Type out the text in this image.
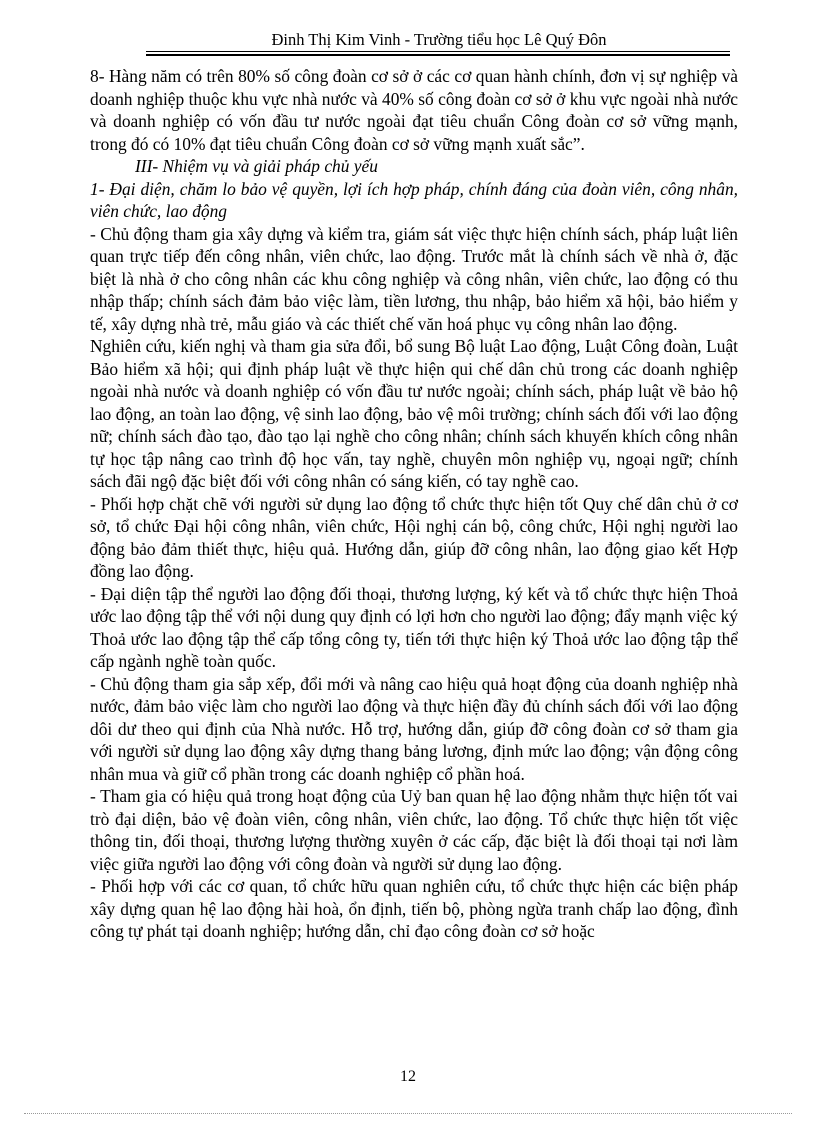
Đinh Thị Kim Vinh - Trường tiểu học Lê Quý Đôn

8- Hàng năm có trên 80% số công đoàn cơ sở ở các cơ quan hành chính, đơn vị sự nghiệp và doanh nghiệp thuộc khu vực nhà nước và 40% số công đoàn cơ sở ở khu vực ngoài nhà nước và doanh nghiệp có vốn đầu tư nước ngoài đạt tiêu chuẩn Công đoàn cơ sở vững mạnh, trong đó có 10% đạt tiêu chuẩn Công đoàn cơ sở vững mạnh xuất sắc”.

III- Nhiệm vụ và giải pháp chủ yếu

1- Đại diện, chăm lo bảo vệ quyền, lợi ích hợp pháp, chính đáng của đoàn viên, công nhân, viên chức, lao động

- Chủ động tham gia xây dựng và kiểm tra, giám sát việc thực hiện chính sách, pháp luật liên quan trực tiếp đến công nhân, viên chức, lao động. Trước mắt là chính sách về nhà ở, đặc biệt là nhà ở cho công nhân các khu công nghiệp và công nhân, viên chức, lao động có thu nhập thấp; chính sách đảm bảo việc làm, tiền lương, thu nhập, bảo hiểm xã hội, bảo hiểm y tế, xây dựng nhà trẻ, mẫu giáo và các thiết chế văn hoá phục vụ công nhân lao động.

Nghiên cứu, kiến nghị và tham gia sửa đổi, bổ sung Bộ luật Lao động, Luật Công đoàn, Luật Bảo hiểm xã hội; qui định pháp luật về thực hiện qui chế dân chủ trong các doanh nghiệp ngoài nhà nước và doanh nghiệp có vốn đầu tư nước ngoài; chính sách, pháp luật về bảo hộ lao động, an toàn lao động, vệ sinh lao động, bảo vệ môi trường; chính sách đối với lao động nữ; chính sách đào tạo, đào tạo lại nghề cho công nhân; chính sách khuyến khích công nhân tự học tập nâng cao trình độ học vấn, tay nghề, chuyên môn nghiệp vụ, ngoại ngữ; chính sách đãi ngộ đặc biệt đối với công nhân có sáng kiến, có tay nghề cao.

- Phối hợp chặt chẽ với người sử dụng lao động tổ chức thực hiện tốt Quy chế dân chủ ở cơ sở, tổ chức Đại hội công nhân, viên chức, Hội nghị cán bộ, công chức, Hội nghị người lao động bảo đảm thiết thực, hiệu quả. Hướng dẫn, giúp đỡ công nhân, lao động giao kết Hợp đồng lao động.

- Đại diện tập thể người lao động đối thoại, thương lượng, ký kết và tổ chức thực hiện Thoả ước lao động tập thể với nội dung quy định có lợi hơn cho người lao động; đẩy mạnh việc ký Thoả ước lao động tập thể cấp tổng công ty, tiến tới thực hiện ký Thoả ước lao động tập thể cấp ngành nghề toàn quốc.

- Chủ động tham gia sắp xếp, đổi mới và nâng cao hiệu quả hoạt động của doanh nghiệp nhà nước, đảm bảo việc làm cho người lao động và thực hiện đầy đủ chính sách đối với lao động dôi dư theo qui định của Nhà nước. Hỗ trợ, hướng dẫn, giúp đỡ công đoàn cơ sở tham gia với người sử dụng lao động xây dựng thang bảng lương, định mức lao động; vận động công nhân mua và giữ cổ phần trong các doanh nghiệp cổ phần hoá.

- Tham gia có hiệu quả trong hoạt động của Uỷ ban quan hệ lao động nhằm thực hiện tốt vai trò đại diện, bảo vệ đoàn viên, công nhân, viên chức, lao động. Tổ chức thực hiện tốt việc thông tin, đối thoại, thương lượng thường xuyên ở các cấp, đặc biệt là đối thoại tại nơi làm việc giữa người lao động với công đoàn và người sử dụng lao động.

- Phối hợp với các cơ quan, tổ chức hữu quan nghiên cứu, tổ chức thực hiện các biện pháp xây dựng quan hệ lao động hài hoà, ổn định, tiến bộ, phòng ngừa tranh chấp lao động, đình công tự phát tại doanh nghiệp; hướng dẫn, chỉ đạo công đoàn cơ sở hoặc

12
